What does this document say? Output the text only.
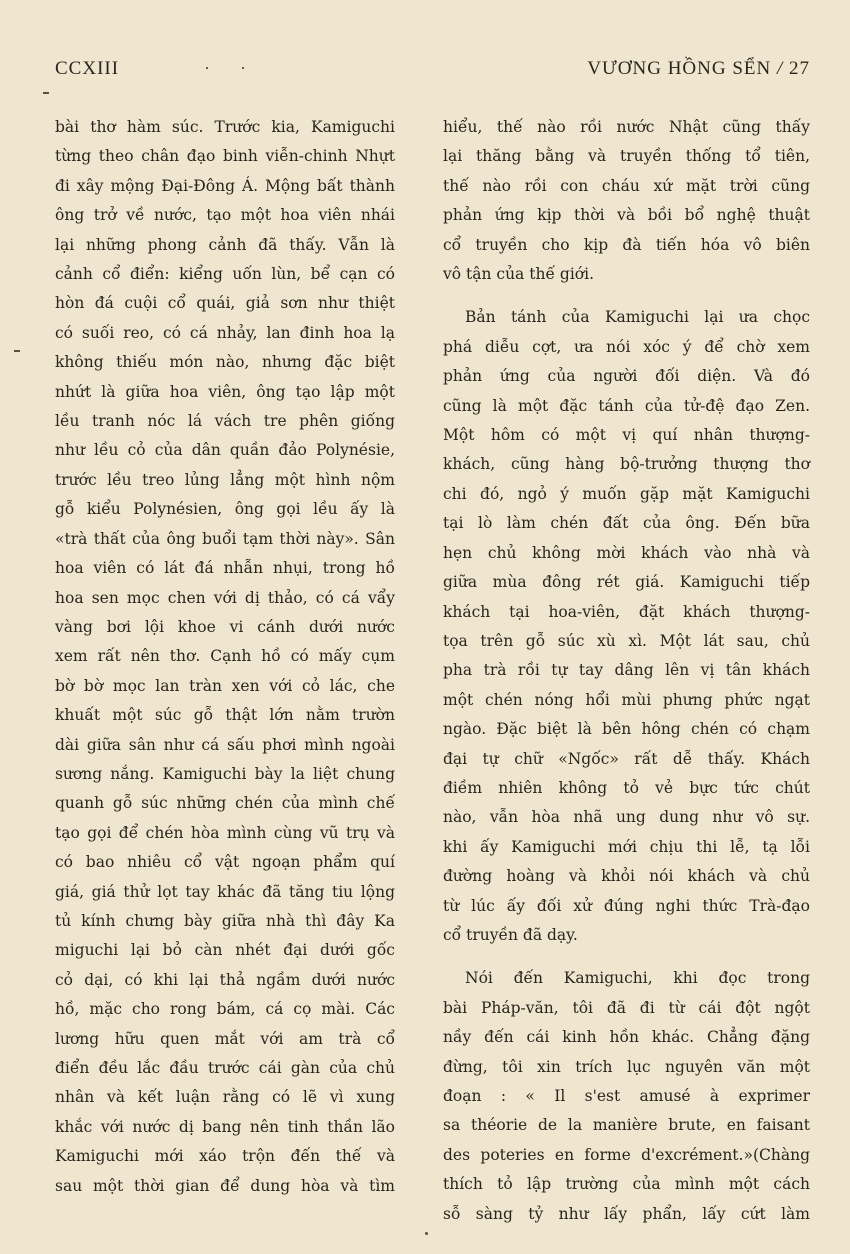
CCXIII	. .	VƯƠNG HỒNG SỂN / 27
bài thơ hàm súc. Trước kia, Kamiguchi
từng theo chân đạo binh viễn-chinh Nhựt
đi xây mộng Đại-Đông Á. Mộng bất thành
ông trở về nước, tạo một hoa viên nhái
lại những phong cảnh đã thấy. Vẫn là
cảnh cổ điển: kiểng uốn lùn, bể cạn có
hòn đá cuội cổ quái, giả sơn như thiệt
có suối reo, có cá nhảy, lan đinh hoa lạ
không thiếu món nào, nhưng đặc biệt
nhứt là giữa hoa viên, ông tạo lập một
lều tranh nóc lá vách tre phên giống
như lều cỏ của dân quần đảo Polynésie,
trước lều treo lủng lẳng một hình nộm
gỗ kiểu Polynésien, ông gọi lều ấy là
«trà thất của ông buổi tạm thời này». Sân
hoa viên có lát đá nhẫn nhụi, trong hồ
hoa sen mọc chen với dị thảo, có cá vẩy
vàng bơi lội khoe vi cánh dưới nước
xem rất nên thơ. Cạnh hồ có mấy cụm
bờ bờ mọc lan tràn xen với cỏ lác, che
khuất một súc gỗ thật lớn nằm trườn
dài giữa sân như cá sấu phơi mình ngoài
sương nắng. Kamiguchi bày la liệt chung
quanh gỗ súc những chén của mình chế
tạo gọi để chén hòa mình cùng vũ trụ và
có bao nhiêu cổ vật ngoạn phẩm quí
giá, giá thử lọt tay khác đã tăng tiu lộng
tủ kính chưng bày giữa nhà thì đây Ka
miguchi lại bỏ càn nhét đại dưới gốc
cỏ dại, có khi lại thả ngầm dưới nước
hồ, mặc cho rong bám, cá cọ mài. Các
lương hữu quen mắt với am trà cổ
điển đều lắc đầu trước cái gàn của chủ
nhân và kết luận rằng có lẽ vì xung
khắc với nước dị bang nên tinh thần lão
Kamiguchi mới xáo trộn đến thế và
sau một thời gian để dung hòa và tìm
hiểu, thế nào rồi nước Nhật cũng thấy
lại thăng bằng và truyền thống tổ tiên,
thế nào rồi con cháu xứ mặt trời cũng
phản ứng kịp thời và bồi bổ nghệ thuật
cổ truyền cho kịp đà tiến hóa vô biên
vô tận của thế giới.
Bản tánh của Kamiguchi lại ưa chọc
phá diễu cợt, ưa nói xóc ý để chờ xem
phản ứng của người đối diện. Và đó
cũng là một đặc tánh của tử-đệ đạo Zen.
Một hôm có một vị quí nhân thượng-
khách, cũng hàng bộ-trưởng thượng thơ
chi đó, ngỏ ý muốn gặp mặt Kamiguchi
tại lò làm chén đất của ông. Đến bữa
hẹn chủ không mời khách vào nhà và
giữa mùa đông rét giá. Kamiguchi tiếp
khách tại hoa-viên, đặt khách thượng-
tọa trên gỗ súc xù xì. Một lát sau, chủ
pha trà rồi tự tay dâng lên vị tân khách
một chén nóng hổi mùi phưng phức ngạt
ngào. Đặc biệt là bên hông chén có chạm
đại tự chữ «Ngốc» rất dễ thấy. Khách
điềm nhiên không tỏ vẻ bực tức chút
nào, vẫn hòa nhã ung dung như vô sự.
khi ấy Kamiguchi mới chịu thi lễ, tạ lỗi
đường hoàng và khỏi nói khách và chủ
từ lúc ấy đối xử đúng nghi thức Trà-đạo
cổ truyền đã dạy.
Nói đến Kamiguchi, khi đọc trong
bài Pháp-văn, tôi đã đi từ cái đột ngột
nầy đến cái kinh hồn khác. Chẳng đặng
đừng, tôi xin trích lục nguyên văn một
đoạn : « Il s'est amusé à exprimer
sa théorie de la manière brute, en faisant
des poteries en forme d'excrément.»(Chàng
thích tỏ lập trường của mình một cách
sỗ sàng tỷ như lấy phẩn, lấy cứt làm
